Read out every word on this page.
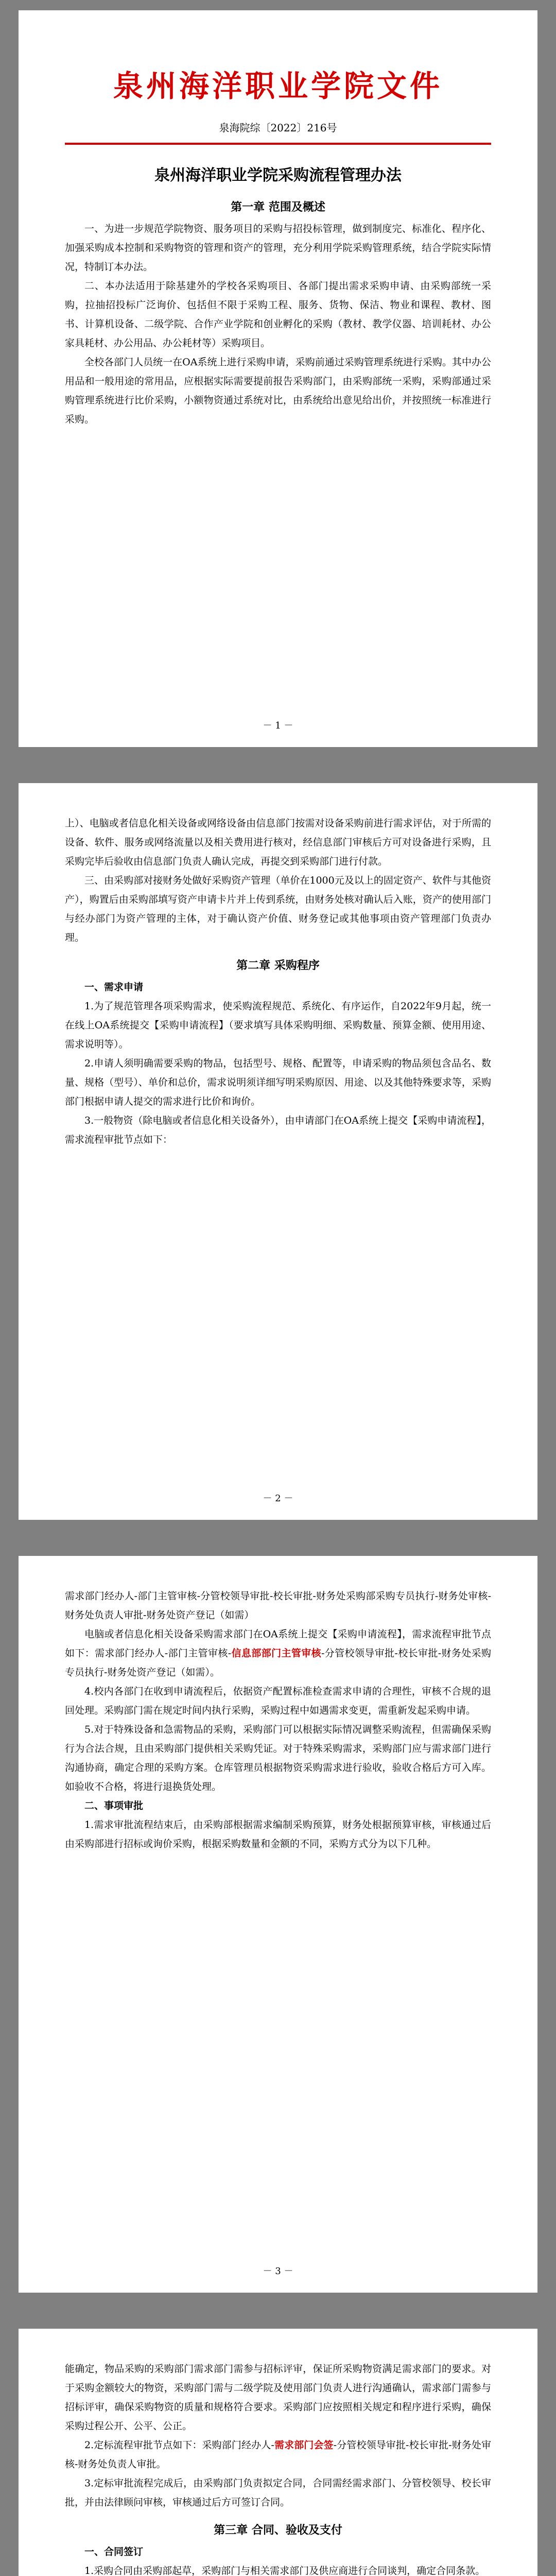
泉州海洋职业学院文件
泉海院综〔2022〕216号
泉州海洋职业学院采购流程管理办法
第一章 范围及概述

一、为进一步规范学院物资、服务项目的采购与招投标管理，做到制度完、标准化、程序化、加强采购成本控制和采购物资的管理和资产的管理，充分利用学院采购管理系统，结合学院实际情况，特制订本办法。

二、本办法适用于除基建外的学校各采购项目、各部门提出需求采购申请、由采购部统一采购，拉抽招投标广泛询价、包括但不限于采购工程、服务、货物、保洁、物业和课程、教材、图书、计算机设备、二级学院、合作产业学院和创业孵化的采购（教材、教学仪器、培训耗材、办公家具耗材、办公用品、办公耗材等）采购项目。

全校各部门人员统一在OA系统上进行采购申请，采购前通过采购管理系统进行采购。其中办公用品和一般用途的常用品，应根据实际需要提前报告采购部门，由采购部统一采购，采购部通过采购管理系统进行比价采购，小额物资通过系统对比，由系统给出意见给出价，并按照统一标准进行采购。

－ 1 －

上）、电脑或者信息化相关设备或网络设备由信息部门按需对设备采购前进行需求评估，对于所需的设备、软件、服务或网络流量以及相关费用进行核对，经信息部门审核后方可对设备进行采购，且采购完毕后验收由信息部门负责人确认完成，再提交到采购部门进行付款。

三、由采购部对接财务处做好采购资产管理（单价在1000元及以上的固定资产、软件与其他资产），购置后由采购部填写资产申请卡片并上传到系统，由财务处核对确认后入账，资产的使用部门与经办部门为资产管理的主体，对于确认资产价值、财务登记或其他事项由资产管理部门负责办理。

第二章 采购程序

一、需求申请

1.为了规范管理各项采购需求，使采购流程规范、系统化、有序运作，自2022年9月起，统一在线上OA系统提交【采购申请流程】（要求填写具体采购明细、采购数量、预算金额、使用用途、需求说明等）。

2.申请人须明确需要采购的物品，包括型号、规格、配置等，申请采购的物品须包含品名、数量、规格（型号）、单价和总价，需求说明须详细写明采购原因、用途、以及其他特殊要求等，采购部门根据申请人提交的需求进行比价和询价。

3.一般物资（除电脑或者信息化相关设备外），由申请部门在OA系统上提交【采购申请流程】，需求流程审批节点如下：

－ 2 －

需求部门经办人-部门主管审核-分管校领导审批-校长审批-财务处采购部采购专员执行-财务处审核-财务处负责人审批-财务处资产登记（如需）

电脑或者信息化相关设备采购需求部门在OA系统上提交【采购申请流程】，需求流程审批节点如下：需求部门经办人-部门主管审核-信息部部门主管审核-分管校领导审批-校长审批-财务处采购专员执行-财务处资产登记（如需）。

4.校内各部门在收到申请流程后，依据资产配置标准检查需求申请的合理性，审核不合规的退回处理。采购部门需在规定时间内执行采购，采购过程中如遇需求变更，需重新发起采购申请。

5.对于特殊设备和急需物品的采购，采购部门可以根据实际情况调整采购流程，但需确保采购行为合法合规，且由采购部门提供相关采购凭证。对于特殊采购需求，采购部门应与需求部门进行沟通协商，确定合理的采购方案。仓库管理员根据物资采购需求进行验收，验收合格后方可入库。如验收不合格，将进行退换货处理。

二、事项审批

1.需求审批流程结束后，由采购部根据需求编制采购预算，财务处根据预算审核，审核通过后由采购部进行招标或询价采购，根据采购数量和金额的不同，采购方式分为以下几种。

－ 3 －

能确定，物品采购的采购部门需求部门需参与招标评审，保证所采购物资满足需求部门的要求。对于采购金额较大的物资，采购部门需与二级学院及使用部门负责人进行沟通确认，需求部门需参与招标评审，确保采购物资的质量和规格符合要求。采购部门应按照相关规定和程序进行采购，确保采购过程公开、公平、公正。

2.定标流程审批节点如下：采购部门经办人-需求部门会签-分管校领导审批-校长审批-财务处审核-财务处负责人审批。

3.定标审批流程完成后，由采购部门负责拟定合同，合同需经需求部门、分管校领导、校长审批，并由法律顾问审核，审核通过后方可签订合同。

第三章 合同、验收及支付

一、合同签订

1.采购合同由采购部起草，采购部门与相关需求部门及供应商进行合同谈判，确定合同条款。
